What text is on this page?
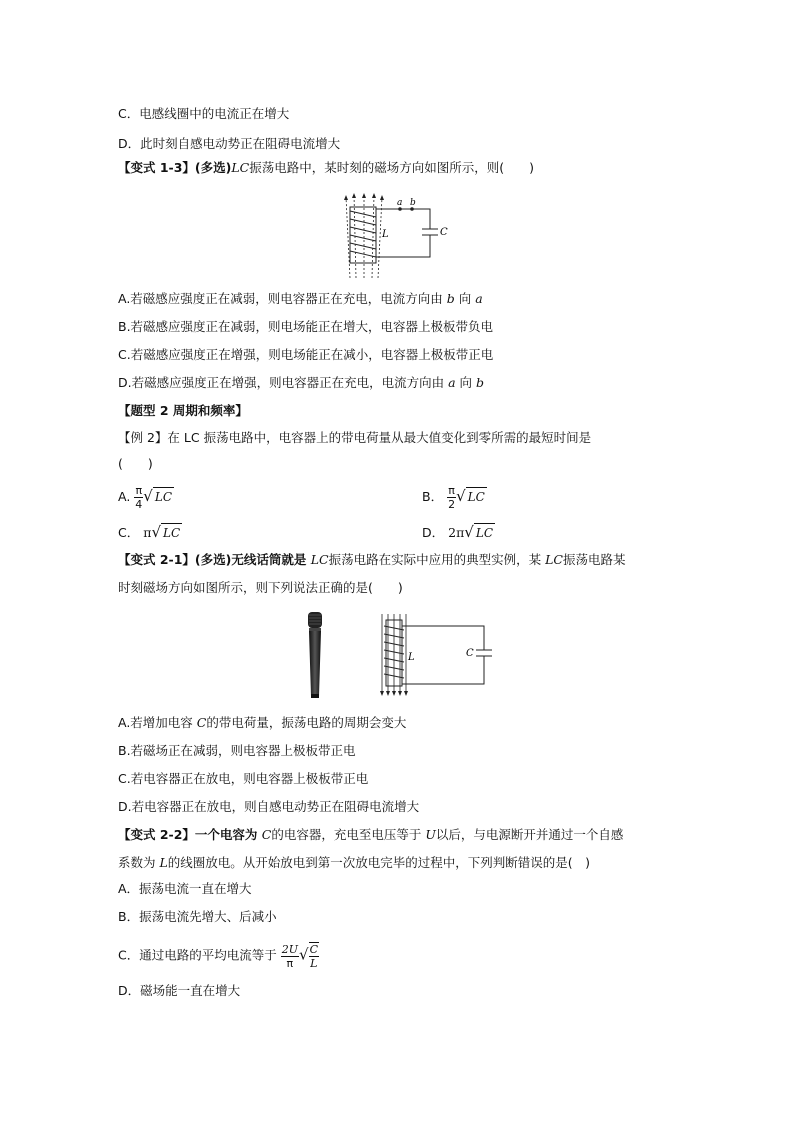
C．电感线圈中的电流正在增大
D．此时刻自感电动势正在阻碍电流增大
【变式 1-3】(多选)LC振荡电路中，某时刻的磁场方向如图所示，则(　　)
a b
L	C
A.若磁感应强度正在减弱，则电容器正在充电，电流方向由 b 向 a
B.若磁感应强度正在减弱，则电场能正在增大，电容器上极板带负电
C.若磁感应强度正在增强，则电场能正在减小，电容器上极板带正电
D.若磁感应强度正在增强，则电容器正在充电，电流方向由 a 向 b
【题型 2 周期和频率】
【例 2】在 LC 振荡电路中，电容器上的带电荷量从最大值变化到零所需的最短时间是
(　　)
A. $\frac{\pi}{4}$ √ LC	B． $\frac{\pi}{2}$ √ LC
C． π√ LC	D． 2π√ LC
【变式 2-1】(多选)无线话筒就是 LC振荡电路在实际中应用的典型实例，某 LC振荡电路某
时刻磁场方向如图所示，则下列说法正确的是(　　)
L	C
A.若增加电容 C的带电荷量，振荡电路的周期会变大
B.若磁场正在减弱，则电容器上极板带正电
C.若电容器正在放电，则电容器上极板带正电
D.若电容器正在放电，则自感电动势正在阻碍电流增大
【变式 2-2】一个电容为 C的电容器，充电至电压等于 U以后，与电源断开并通过一个自感
系数为 L的线圈放电。从开始放电到第一次放电完毕的过程中，下列判断错误的是(　)
A．振荡电流一直在增大
B．振荡电流先增大、后减小
C．通过电路的平均电流等于 $\frac{2U}{\pi}$ √ $\frac{C}{L}$
D．磁场能一直在增大
